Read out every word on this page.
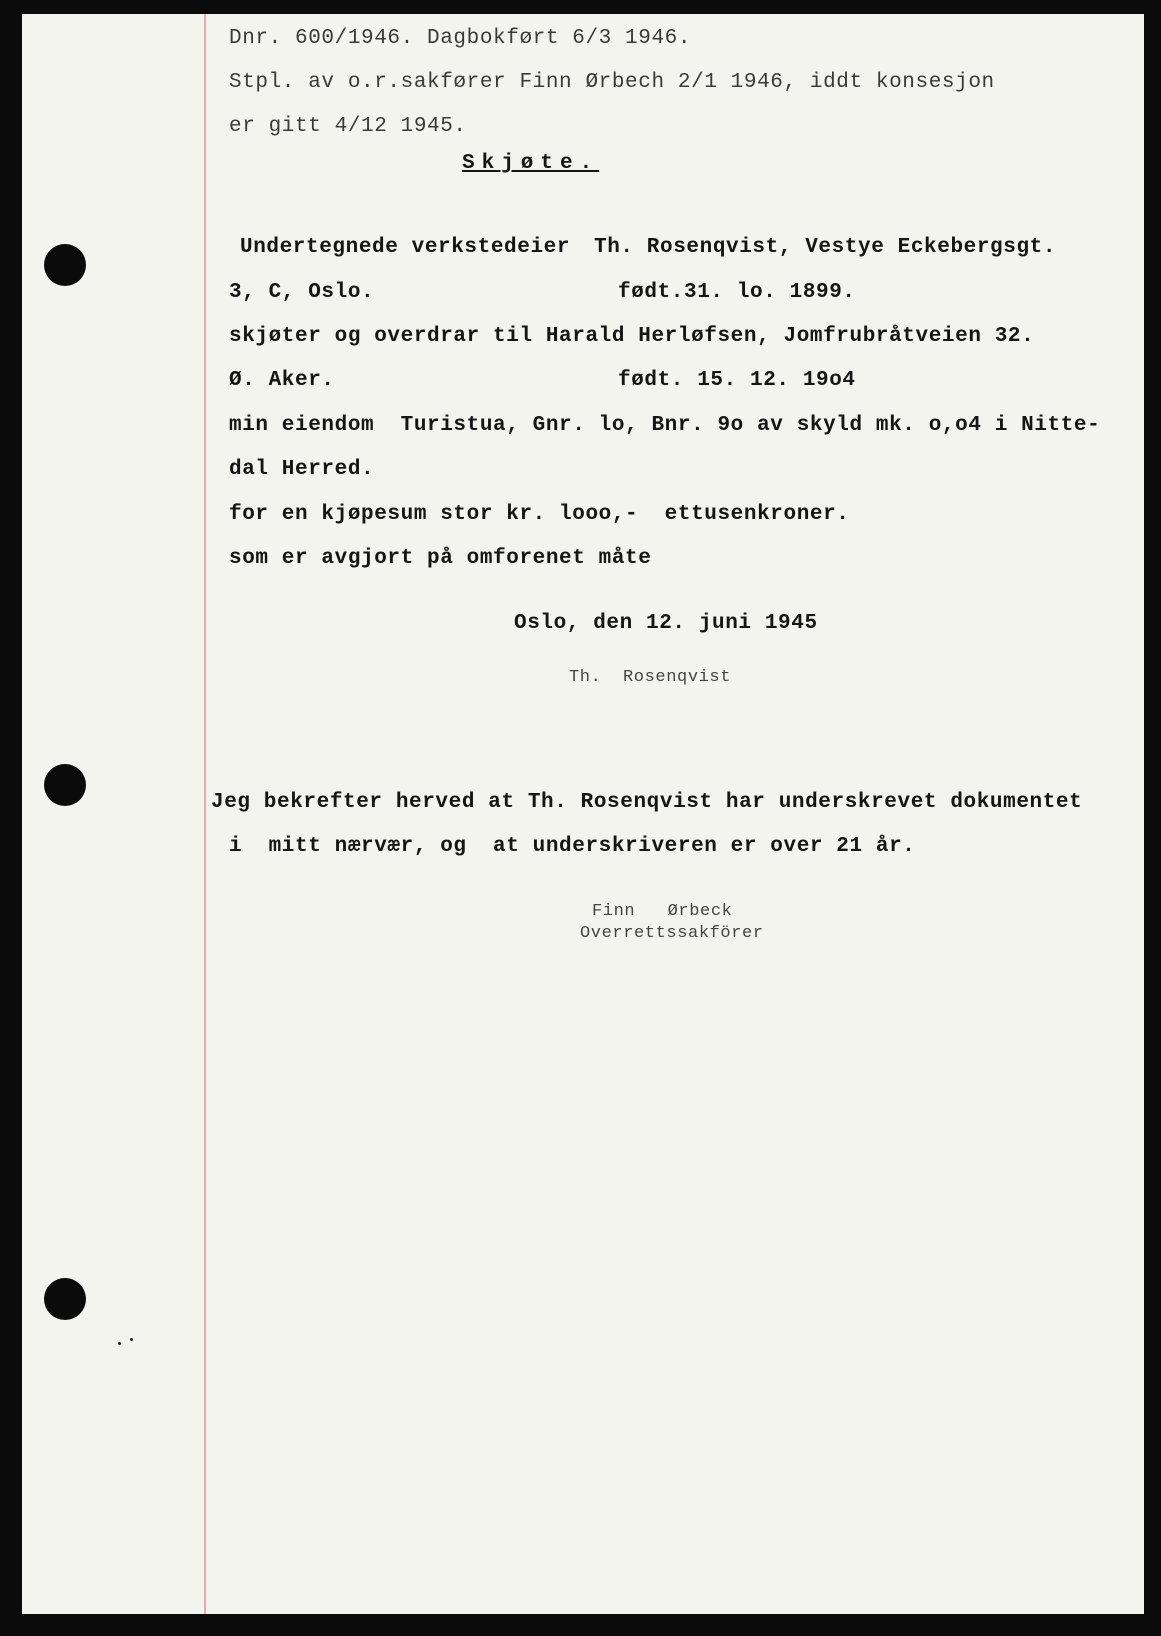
Dnr. 600/1946. Dagbokført 6/3 1946.
Stpl. av o.r.sakfører Finn Ørbech 2/1 1946, iddt konsesjon
er gitt 4/12 1945.
Skjøte.
Undertegnede verkstedeier Th. Rosenqvist, Vestye Eckebergsgt.
3, C, Oslo.	født.31. lo. 1899.
skjøter og overdrar til Harald Herløfsen, Jomfrubråtveien 32.
Ø. Aker.	født. 15. 12. 19o4
min eiendom  Turistua, Gnr. lo, Bnr. 9o av skyld mk. o,o4 i Nitte-
dal Herred.
for en kjøpesum stor kr. looo,-  ettusenkroner.
som er avgjort på omforenet måte
Oslo, den 12. juni 1945
Th.  Rosenqvist
Jeg bekrefter herved at Th. Rosenqvist har underskrevet dokumentet
i  mitt nærvær, og  at underskriveren er over 21 år.
Finn   Ørbeck
Overrettssakförer
